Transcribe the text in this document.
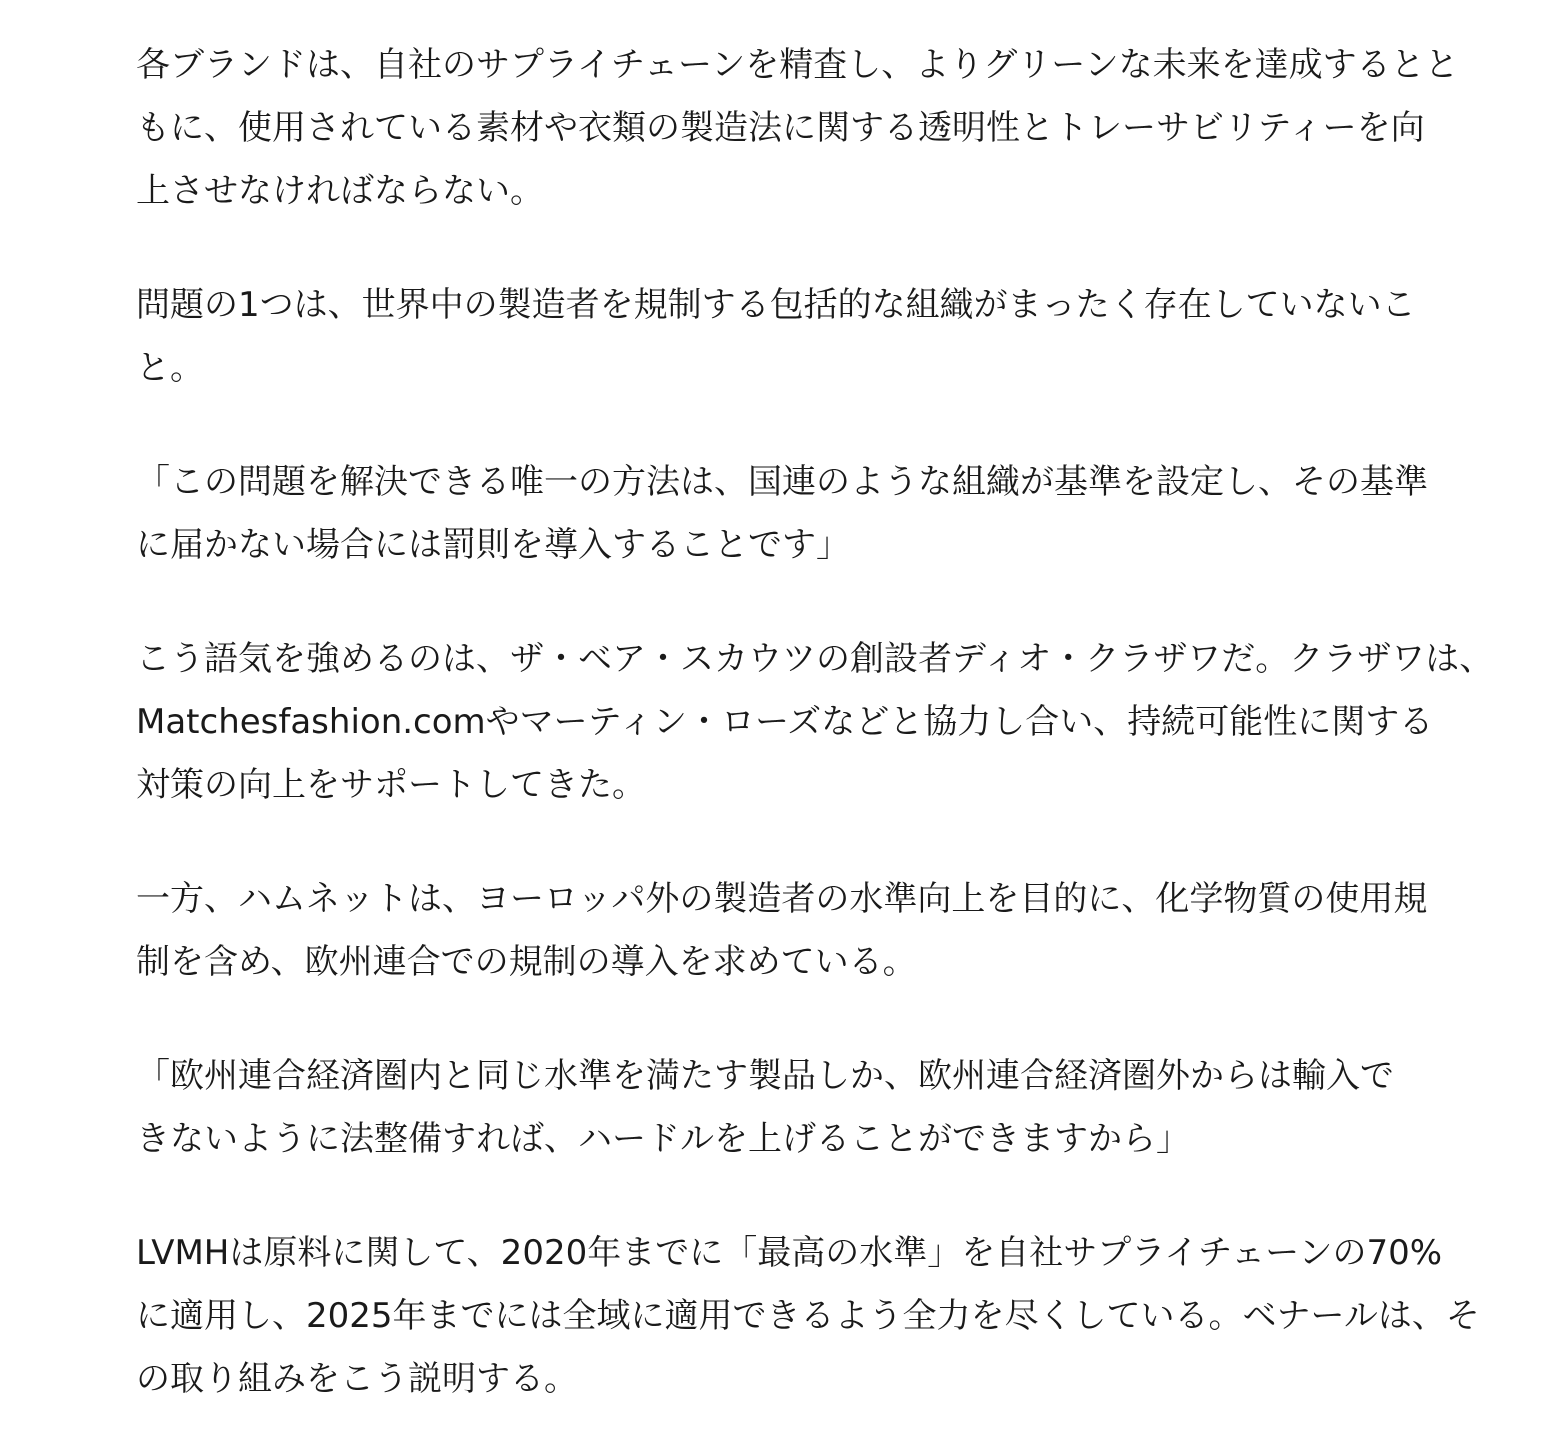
各ブランドは、自社のサプライチェーンを精査し、よりグリーンな未来を達成するとと
もに、使用されている素材や衣類の製造法に関する透明性とトレーサビリティーを向
上させなければならない。

問題の1つは、世界中の製造者を規制する包括的な組織がまったく存在していないこ
と。

「この問題を解決できる唯一の方法は、国連のような組織が基準を設定し、その基準
に届かない場合には罰則を導入することです」

こう語気を強めるのは、ザ・ベア・スカウツの創設者ディオ・クラザワだ。クラザワは、
Matchesfashion.comやマーティン・ローズなどと協力し合い、持続可能性に関する
対策の向上をサポートしてきた。

一方、ハムネットは、ヨーロッパ外の製造者の水準向上を目的に、化学物質の使用規
制を含め、欧州連合での規制の導入を求めている。

「欧州連合経済圏内と同じ水準を満たす製品しか、欧州連合経済圏外からは輸入で
きないように法整備すれば、ハードルを上げることができますから」

LVMHは原料に関して、2020年までに「最高の水準」を自社サプライチェーンの70%
に適用し、2025年までには全域に適用できるよう全力を尽くしている。ベナールは、そ
の取り組みをこう説明する。
